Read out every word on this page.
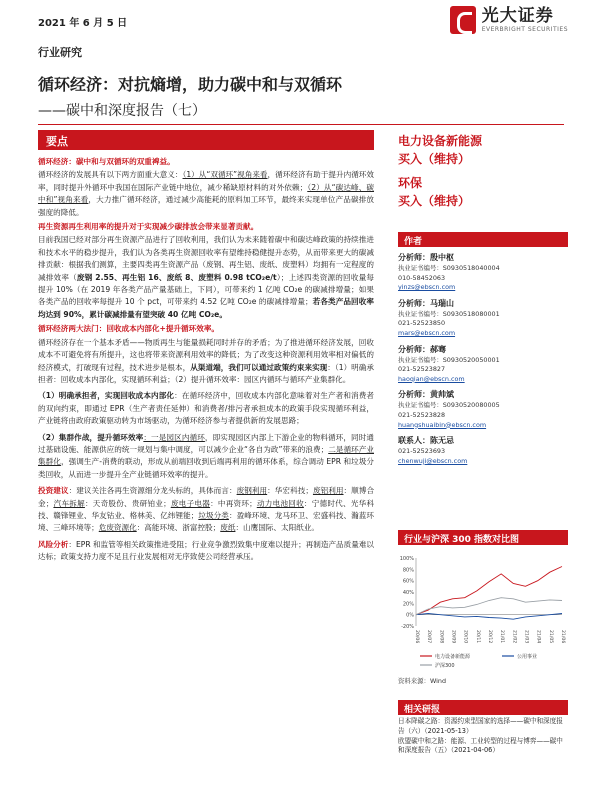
2021 年 6 月 5 日	光大证券
EVERBRIGHT SECURITIES
行业研究
循环经济：对抗熵增，助力碳中和与双循环
——碳中和深度报告（七）
要点

循环经济：碳中和与双循环的双重裨益。

循环经济的发展具有以下两方面重大意义：（1）从“双循环”视角来看，循环经济有助于提升内循环效率，同时提升外循环中我国在国际产业链中地位，减少稀缺原材料的对外依赖；（2）从“碳达峰、碳中和”视角来看，大力推广循环经济，通过减少高能耗的原料加工环节，最终来实现单位产品碳排放强度的降低。

再生资源再生利用率的提升对于实现减少碳排放会带来显著贡献。

目前我国已经对部分再生资源产品进行了回收利用，我们认为未来随着碳中和碳达峰政策的持续推进和技术水平的稳步提升，我们认为各类再生资源回收率有望维持稳健提升态势，从而带来更大的碳减排贡献：根据我们测算，主要四类再生资源产品（废钢、再生铝、废纸、废塑料）均拥有一定程度的减排效率（废钢 2.55、再生铝 16、废纸 8、废塑料 0.98 tCO₂e/t）；上述四类资源的回收量每提升 10%（在 2019 年各类产品产量基础上，下同），可带来约 1 亿吨 CO₂e 的碳减排增量；如果各类产品的回收率每提升 10 个 pct，可带来约 4.52 亿吨 CO₂e 的碳减排增量；若各类产品回收率均达到 90%，累计碳减排量有望突破 40 亿吨 CO₂e。

循环经济两大法门：回收成本内部化+提升循环效率。

循环经济存在一个基本矛盾——物质再生与能量损耗同时并存的矛盾；为了推进循环经济发展，回收成本不可避免将有所提升，这也将带来资源利用效率的降低；为了改变这种资源利用效率相对偏低的经济模式，打破现有过程，技术进步是根本，从渠道端，我们可以通过政策约束来实现：（1）明确承担者：回收成本内部化，实现循环利益；（2）提升循环效率：园区内循环与循环产业集群化。

（1）明确承担者，实现回收成本内部化：在循环经济中，回收成本内部化意味着对生产者和消费者的双向约束，即通过 EPR（生产者责任延伸）和消费者/排污者承担成本的政策手段实现循环利益，产业链将由政府政策驱动转为市场驱动，为循环经济参与者提供新的发展思路；

（2）集群作战，提升循环效率：一是园区内循环，即实现园区内部上下游企业的物料循环，同时通过基础设施、能源供应的统一规划与集中调度，可以减少企业“各自为政”带来的浪费；二是循环产业集群化，强调生产-消费的联动，形成从前端回收到后端再利用的循环体系，综合调动 EPR 和垃圾分类回收，从而进一步提升全产业链循环效率的提升。

投资建议：建议关注各再生资源细分龙头标的，具体而言：废钢利用：华宏科技；废铝利用：顺博合金；汽车拆解：天奇股份、贵研铂业；废电子电器：中再资环；动力电池回收：宁德时代、光华科技、赣锋锂业、华友钴业、格林美、亿纬锂能；垃圾分类：盈峰环境、龙马环卫、宏盛科技、瀚蓝环境、三峰环境等；危废资源化：高能环境、浙富控股；废纸：山鹰国际、太阳纸业。

风险分析：EPR 和监管等相关政策推进受阻；行业竞争激烈致集中度难以提升；再制造产品质量难以达标；政策支持力度不足且行业发展相对无序致使公司经营承压。

电力设备新能源
买入（维持）
环保
买入（维持）
作者
分析师：殷中枢
执业证书编号：S0930518040004
010-58452063
yinzs@ebscn.com
分析师：马瑞山
执业证书编号：S0930518080001
021-52523850
mars@ebscn.com
分析师：郝骞
执业证书编号：S0930520050001
021-52523827
haoqian@ebscn.com
分析师：黄帅斌
执业证书编号：S0930520080005
021-52523828
huangshuaibin@ebscn.com
联系人：陈无忌
021-52523693
chenwuji@ebscn.com
行业与沪深 300 指数对比图
-20%
0%
20%
40%
60%
80%
100%
20/06 20/07 20/08 20/09 20/10 20/11 20/12 21/01 21/02 21/03 21/04 21/05 21/06
电力设备新能源	公用事业
沪深300
资料来源：Wind
相关研报
日本降碳之路：资源约束型国家的选择——碳中和深度报告（六）（2021-05-13）
欧盟碳中和之路：能源、工业转型的过程与博弈——碳中和深度报告（五）（2021-04-06）
